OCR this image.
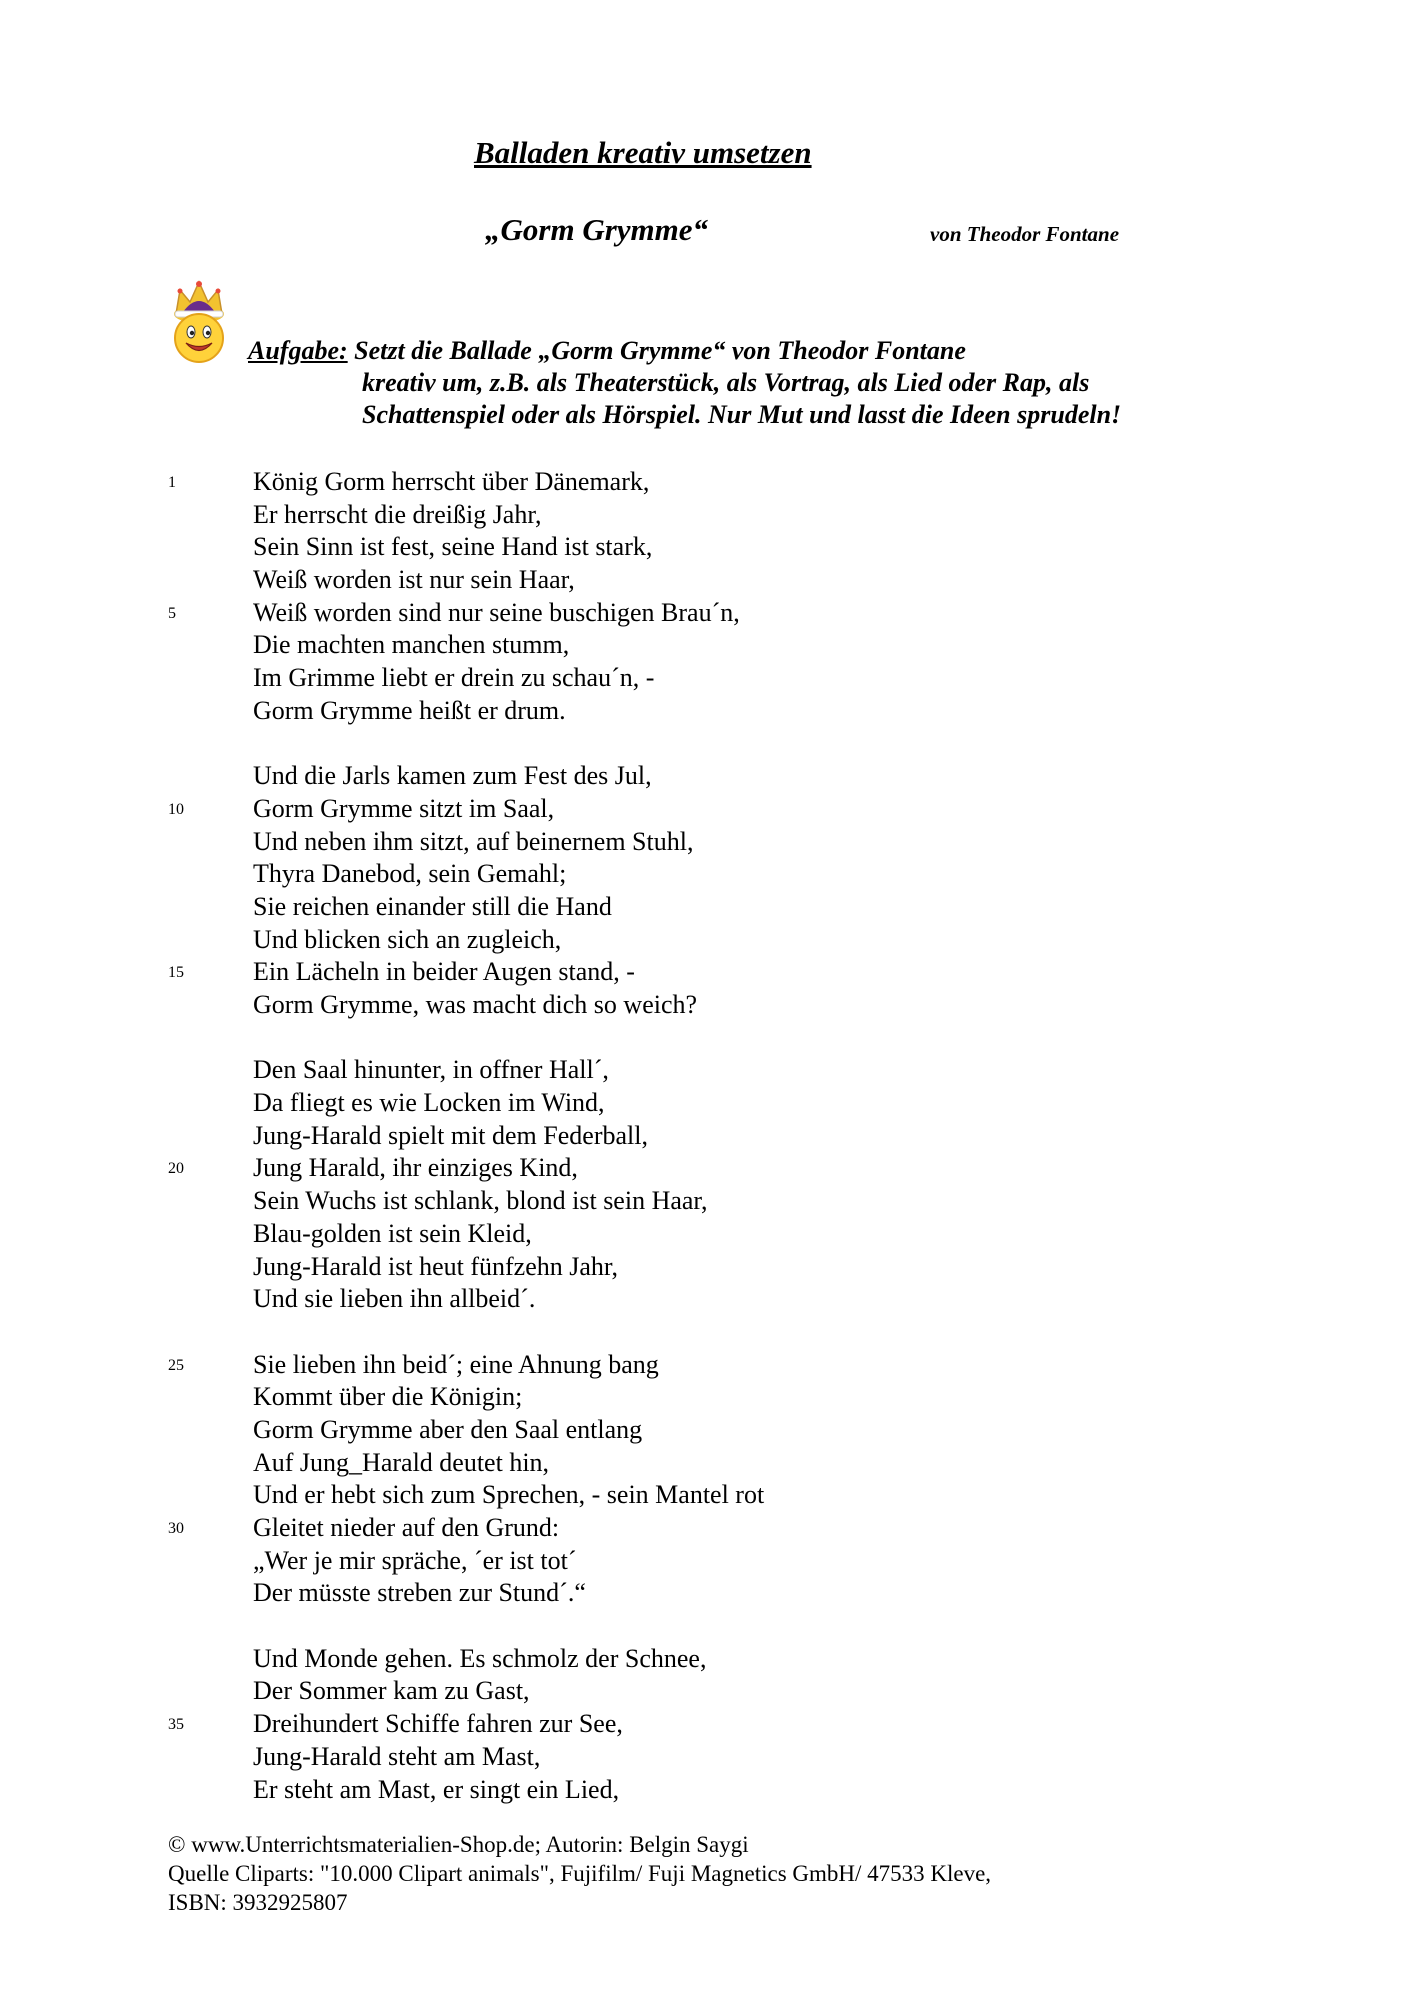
Balladen kreativ umsetzen
„Gorm Grymme“	von Theodor Fontane
Aufgabe: Setzt die Ballade „Gorm Grymme“ von Theodor Fontane
kreativ um, z.B. als Theaterstück, als Vortrag, als Lied oder Rap, als
Schattenspiel oder als Hörspiel. Nur Mut und lasst die Ideen sprudeln!
1	König Gorm herrscht über Dänemark,
Er herrscht die dreißig Jahr,
Sein Sinn ist fest, seine Hand ist stark,
Weiß worden ist nur sein Haar,
5	Weiß worden sind nur seine buschigen Brau´n,
Die machten manchen stumm,
Im Grimme liebt er drein zu schau´n, -
Gorm Grymme heißt er drum.
Und die Jarls kamen zum Fest des Jul,
10	Gorm Grymme sitzt im Saal,
Und neben ihm sitzt, auf beinernem Stuhl,
Thyra Danebod, sein Gemahl;
Sie reichen einander still die Hand
Und blicken sich an zugleich,
15	Ein Lächeln in beider Augen stand, -
Gorm Grymme, was macht dich so weich?
Den Saal hinunter, in offner Hall´,
Da fliegt es wie Locken im Wind,
Jung-Harald spielt mit dem Federball,
20	Jung Harald, ihr einziges Kind,
Sein Wuchs ist schlank, blond ist sein Haar,
Blau-golden ist sein Kleid,
Jung-Harald ist heut fünfzehn Jahr,
Und sie lieben ihn allbeid´.
25	Sie lieben ihn beid´; eine Ahnung bang
Kommt über die Königin;
Gorm Grymme aber den Saal entlang
Auf Jung_Harald deutet hin,
Und er hebt sich zum Sprechen, - sein Mantel rot
30	Gleitet nieder auf den Grund:
„Wer je mir spräche, ´er ist tot´
Der müsste streben zur Stund´.“
Und Monde gehen. Es schmolz der Schnee,
Der Sommer kam zu Gast,
35	Dreihundert Schiffe fahren zur See,
Jung-Harald steht am Mast,
Er steht am Mast, er singt ein Lied,
© www.Unterrichtsmaterialien-Shop.de; Autorin: Belgin Saygi
Quelle Cliparts: "10.000 Clipart animals", Fujifilm/ Fuji Magnetics GmbH/ 47533 Kleve,
ISBN: 3932925807
